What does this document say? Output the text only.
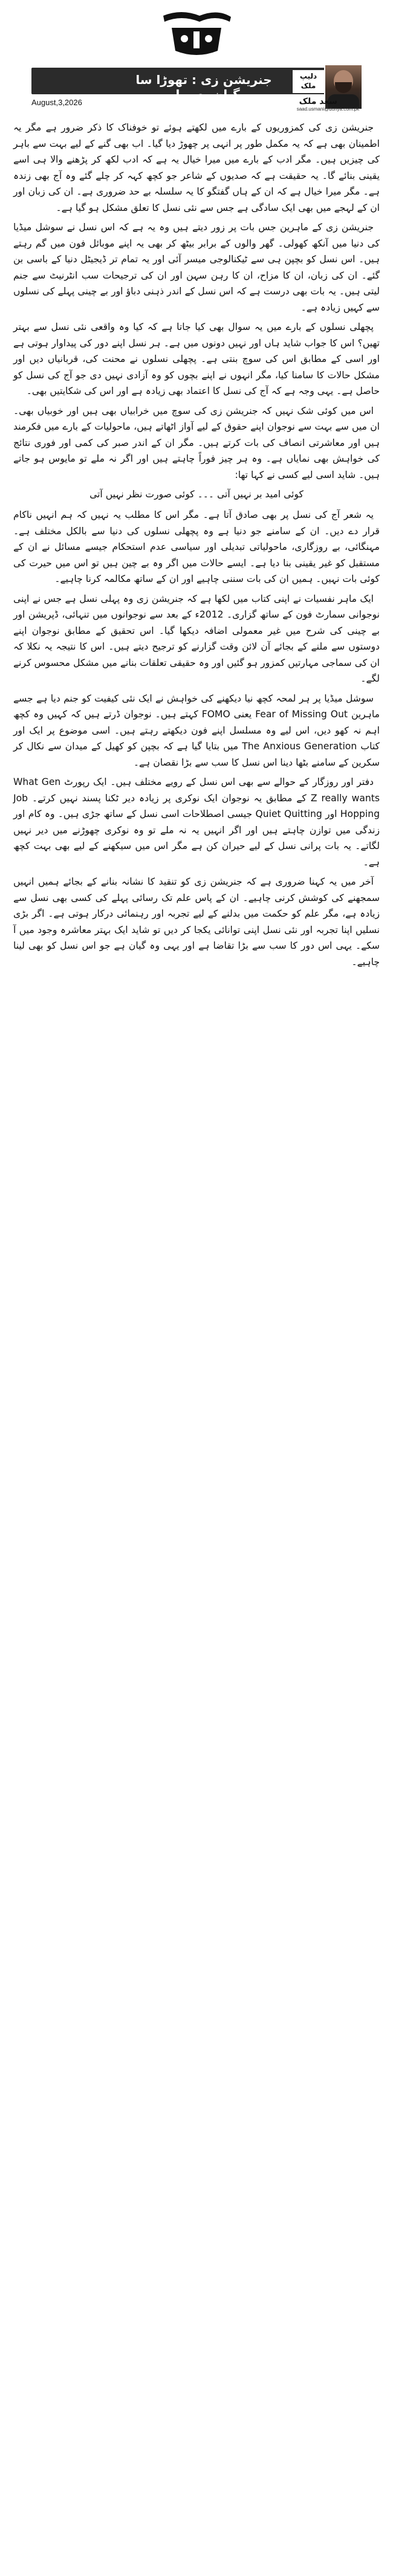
جنریشن زی : تھوڑا سا گیان بھی لو
دلیپ
ملک
August,3,2026	سعد ملک
saad.usmani@dunya.com.pk

جنریشن زی کی کمزوریوں کے بارے میں لکھتے ہوئے تو خوفناک کا ذکر ضرور ہے مگر یہ اطمینان بھی ہے کہ یہ مکمل طور پر انہی پر چھوڑ دیا گیا۔ اب بھی گنے کے لیے بہت سے باہر کی چیزیں ہیں۔ مگر ادب کے بارے میں میرا خیال یہ ہے کہ ادب لکھ کر پڑھنے والا ہی اسے یقینی بنائے گا۔ یہ حقیقت ہے کہ صدیوں کے شاعر جو کچھ کہہ کر چلے گئے وہ آج بھی زندہ ہے۔ مگر میرا خیال ہے کہ ان کے ہاں گفتگو کا یہ سلسلہ بے حد ضروری ہے۔ ان کی زبان اور ان کے لہجے میں بھی ایک سادگی ہے جس سے نئی نسل کا تعلق مشکل ہو گیا ہے۔

جنریشن زی کے ماہرین جس بات پر زور دیتے ہیں وہ یہ ہے کہ اس نسل نے سوشل میڈیا کی دنیا میں آنکھ کھولی۔ گھر والوں کے برابر بیٹھ کر بھی یہ اپنے موبائل فون میں گم رہتے ہیں۔ اس نسل کو بچپن ہی سے ٹیکنالوجی میسر آئی اور یہ تمام تر ڈیجیٹل دنیا کے باسی بن گئے۔ ان کی زبان، ان کا مزاح، ان کا رہن سہن اور ان کی ترجیحات سب انٹرنیٹ سے جنم لیتی ہیں۔ یہ بات بھی درست ہے کہ اس نسل کے اندر ذہنی دباؤ اور بے چینی پہلے کی نسلوں سے کہیں زیادہ ہے۔

پچھلی نسلوں کے بارے میں یہ سوال بھی کیا جاتا ہے کہ کیا وہ واقعی نئی نسل سے بہتر تھیں؟ اس کا جواب شاید ہاں اور نہیں دونوں میں ہے۔ ہر نسل اپنے دور کی پیداوار ہوتی ہے اور اسی کے مطابق اس کی سوچ بنتی ہے۔ پچھلی نسلوں نے محنت کی، قربانیاں دیں اور مشکل حالات کا سامنا کیا، مگر انہوں نے اپنے بچوں کو وہ آزادی نہیں دی جو آج کی نسل کو حاصل ہے۔ یہی وجہ ہے کہ آج کی نسل کا اعتماد بھی زیادہ ہے اور اس کی شکایتیں بھی۔

اس میں کوئی شک نہیں کہ جنریشن زی کی سوچ میں خرابیاں بھی ہیں اور خوبیاں بھی۔ ان میں سے بہت سے نوجوان اپنے حقوق کے لیے آواز اٹھاتے ہیں، ماحولیات کے بارے میں فکرمند ہیں اور معاشرتی انصاف کی بات کرتے ہیں۔ مگر ان کے اندر صبر کی کمی اور فوری نتائج کی خواہش بھی نمایاں ہے۔ وہ ہر چیز فوراً چاہتے ہیں اور اگر نہ ملے تو مایوس ہو جاتے ہیں۔ شاید اسی لیے کسی نے کہا تھا:

کوئی امید بر نہیں آتی ۔۔۔ کوئی صورت نظر نہیں آتی

یہ شعر آج کی نسل پر بھی صادق آتا ہے۔ مگر اس کا مطلب یہ نہیں کہ ہم انہیں ناکام قرار دے دیں۔ ان کے سامنے جو دنیا ہے وہ پچھلی نسلوں کی دنیا سے بالکل مختلف ہے۔ مہنگائی، بے روزگاری، ماحولیاتی تبدیلی اور سیاسی عدم استحکام جیسے مسائل نے ان کے مستقبل کو غیر یقینی بنا دیا ہے۔ ایسے حالات میں اگر وہ بے چین ہیں تو اس میں حیرت کی کوئی بات نہیں۔ ہمیں ان کی بات سننی چاہیے اور ان کے ساتھ مکالمہ کرنا چاہیے۔

ایک ماہر نفسیات نے اپنی کتاب میں لکھا ہے کہ جنریشن زی وہ پہلی نسل ہے جس نے اپنی نوجوانی سمارٹ فون کے ساتھ گزاری۔ 2012ء کے بعد سے نوجوانوں میں تنہائی، ڈپریشن اور بے چینی کی شرح میں غیر معمولی اضافہ دیکھا گیا۔ اس تحقیق کے مطابق نوجوان اپنے دوستوں سے ملنے کے بجائے آن لائن وقت گزارنے کو ترجیح دیتے ہیں۔ اس کا نتیجہ یہ نکلا کہ ان کی سماجی مہارتیں کمزور ہو گئیں اور وہ حقیقی تعلقات بنانے میں مشکل محسوس کرنے لگے۔

سوشل میڈیا پر ہر لمحہ کچھ نیا دیکھنے کی خواہش نے ایک نئی کیفیت کو جنم دیا ہے جسے ماہرین Fear of Missing Out یعنی FOMO کہتے ہیں۔ نوجوان ڈرتے ہیں کہ کہیں وہ کچھ اہم نہ کھو دیں، اس لیے وہ مسلسل اپنے فون دیکھتے رہتے ہیں۔ اسی موضوع پر ایک اور کتاب The Anxious Generation میں بتایا گیا ہے کہ بچپن کو کھیل کے میدان سے نکال کر سکرین کے سامنے بٹھا دینا اس نسل کا سب سے بڑا نقصان ہے۔

دفتر اور روزگار کے حوالے سے بھی اس نسل کے رویے مختلف ہیں۔ ایک رپورٹ What Gen Z really wants کے مطابق یہ نوجوان ایک نوکری پر زیادہ دیر ٹکنا پسند نہیں کرتے۔ Job Hopping اور Quiet Quitting جیسی اصطلاحات اسی نسل کے ساتھ جڑی ہیں۔ وہ کام اور زندگی میں توازن چاہتے ہیں اور اگر انہیں یہ نہ ملے تو وہ نوکری چھوڑنے میں دیر نہیں لگاتے۔ یہ بات پرانی نسل کے لیے حیران کن ہے مگر اس میں سیکھنے کے لیے بھی بہت کچھ ہے۔

آخر میں یہ کہنا ضروری ہے کہ جنریشن زی کو تنقید کا نشانہ بنانے کے بجائے ہمیں انہیں سمجھنے کی کوشش کرنی چاہیے۔ ان کے پاس علم تک رسائی پہلے کی کسی بھی نسل سے زیادہ ہے، مگر علم کو حکمت میں بدلنے کے لیے تجربہ اور رہنمائی درکار ہوتی ہے۔ اگر بڑی نسلیں اپنا تجربہ اور نئی نسل اپنی توانائی یکجا کر دیں تو شاید ایک بہتر معاشرہ وجود میں آ سکے۔ یہی اس دور کا سب سے بڑا تقاضا ہے اور یہی وہ گیان ہے جو اس نسل کو بھی لینا چاہیے۔
